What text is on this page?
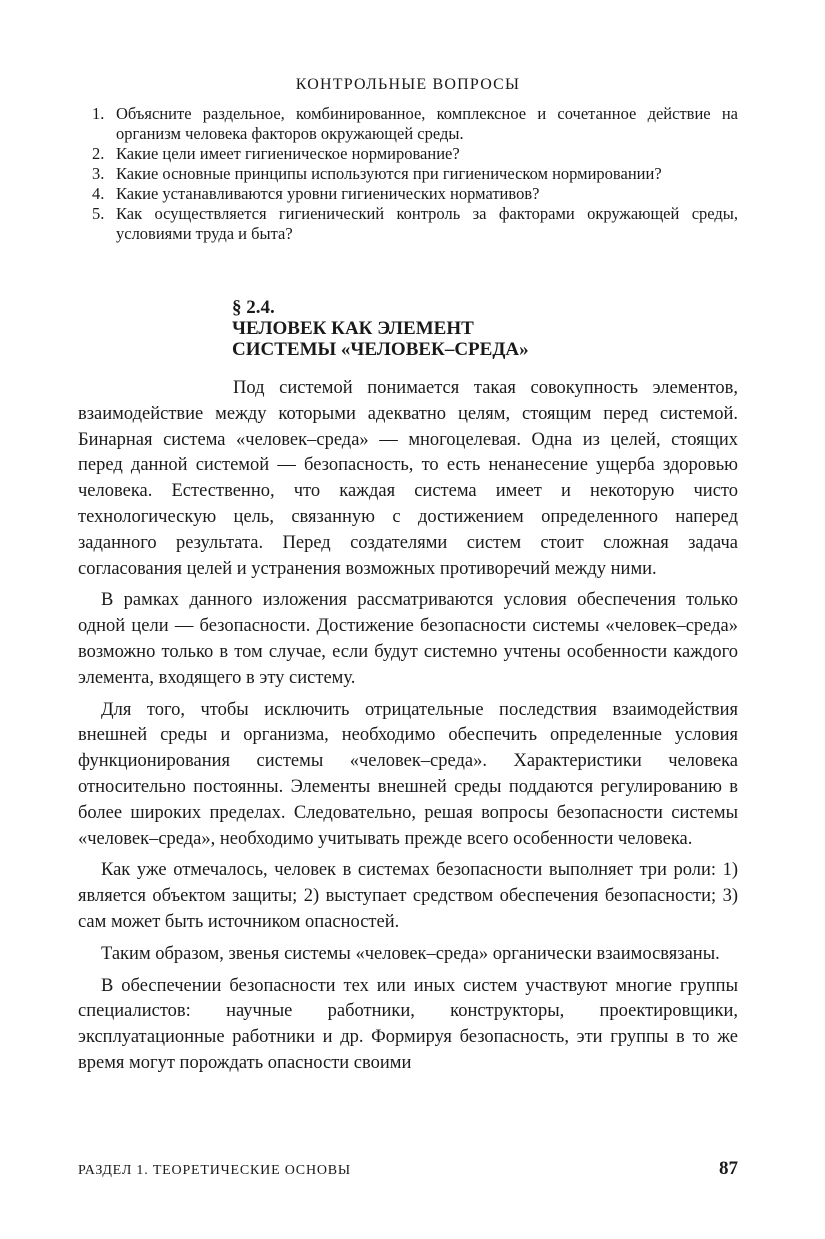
КОНТРОЛЬНЫЕ ВОПРОСЫ
1. Объясните раздельное, комбинированное, комплексное и сочетанное действие на организм человека факторов окружающей среды.
2. Какие цели имеет гигиеническое нормирование?
3. Какие основные принципы используются при гигиеническом нормировании?
4. Какие устанавливаются уровни гигиенических нормативов?
5. Как осуществляется гигиенический контроль за факторами окружающей среды, условиями труда и быта?
§ 2.4.
ЧЕЛОВЕК КАК ЭЛЕМЕНТ
СИСТЕМЫ «ЧЕЛОВЕК–СРЕДА»

Под системой понимается такая совокупность элементов, взаимодействие между которыми адекватно целям, стоящим перед системой. Бинарная система «человек–среда» — многоцелевая. Одна из целей, стоящих перед данной системой — безопасность, то есть ненанесение ущерба здоровью человека. Естественно, что каждая система имеет и некоторую чисто технологическую цель, связанную с достижением определенного наперед заданного результата. Перед создателями систем стоит сложная задача согласования целей и устранения возможных противоречий между ними.

В рамках данного изложения рассматриваются условия обеспечения только одной цели — безопасности. Достижение безопасности системы «человек–среда» возможно только в том случае, если будут системно учтены особенности каждого элемента, входящего в эту систему.

Для того, чтобы исключить отрицательные последствия взаимодействия внешней среды и организма, необходимо обеспечить определенные условия функционирования системы «человек–среда». Характеристики человека относительно постоянны. Элементы внешней среды поддаются регулированию в более широких пределах. Следовательно, решая вопросы безопасности системы «человек–среда», необходимо учитывать прежде всего особенности человека.

Как уже отмечалось, человек в системах безопасности выполняет три роли: 1) является объектом защиты; 2) выступает средством обеспечения безопасности; 3) сам может быть источником опасностей.

Таким образом, звенья системы «человек–среда» органически взаимосвязаны.

В обеспечении безопасности тех или иных систем участвуют многие группы специалистов: научные работники, конструкторы, проектировщики, эксплуатационные работники и др. Формируя безопасность, эти группы в то же время могут порождать опасности своими

РАЗДЕЛ 1. ТЕОРЕТИЧЕСКИЕ ОСНОВЫ	87
